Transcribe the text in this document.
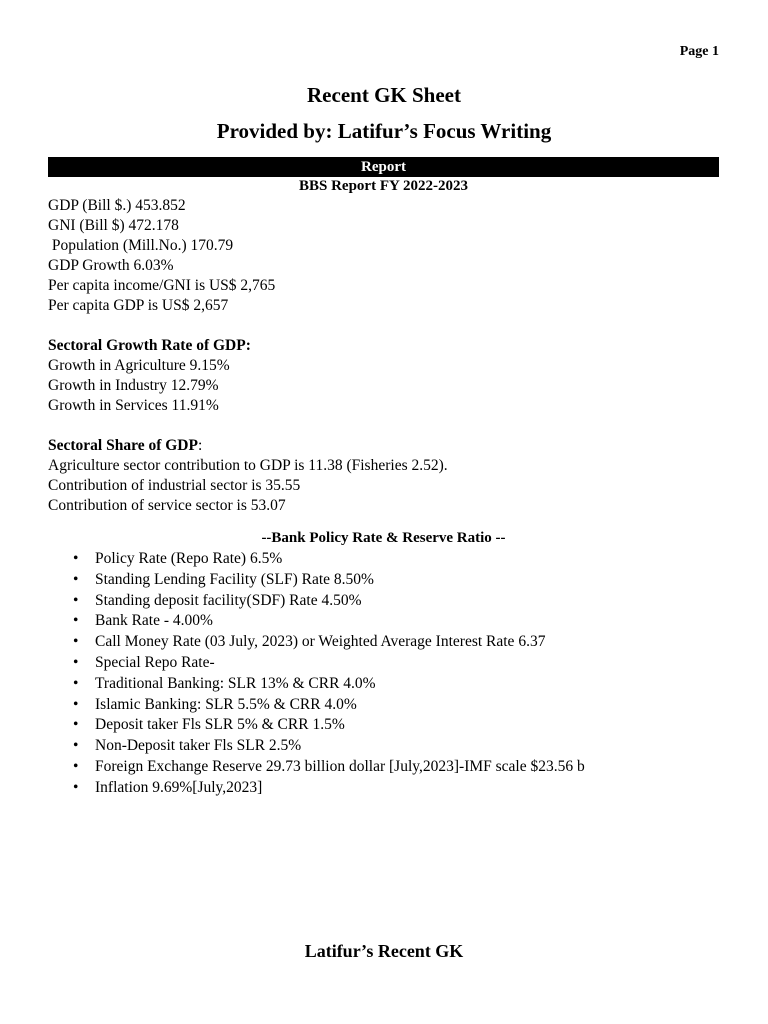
Page 1
Recent GK Sheet
Provided by: Latifur’s Focus Writing
Report
BBS Report FY 2022-2023
GDP (Bill $.) 453.852
GNI (Bill $) 472.178
Population (Mill.No.) 170.79
GDP Growth 6.03%
Per capita income/GNI is US$ 2,765
Per capita GDP is US$ 2,657
Sectoral Growth Rate of GDP:
Growth in Agriculture 9.15%
Growth in Industry 12.79%
Growth in Services 11.91%
Sectoral Share of GDP:
Agriculture sector contribution to GDP is 11.38 (Fisheries 2.52).
Contribution of industrial sector is 35.55
Contribution of service sector is 53.07
--Bank Policy Rate & Reserve Ratio --
• Policy Rate (Repo Rate) 6.5%
• Standing Lending Facility (SLF) Rate 8.50%
• Standing deposit facility(SDF) Rate 4.50%
• Bank Rate - 4.00%
• Call Money Rate (03 July, 2023) or Weighted Average Interest Rate 6.37
• Special Repo Rate-
• Traditional Banking: SLR 13% & CRR 4.0%
• Islamic Banking: SLR 5.5% & CRR 4.0%
• Deposit taker Fls SLR 5% & CRR 1.5%
• Non-Deposit taker Fls SLR 2.5%
• Foreign Exchange Reserve 29.73 billion dollar [July,2023]-IMF scale $23.56 b
• Inflation 9.69%[July,2023]
Latifur’s Recent GK
